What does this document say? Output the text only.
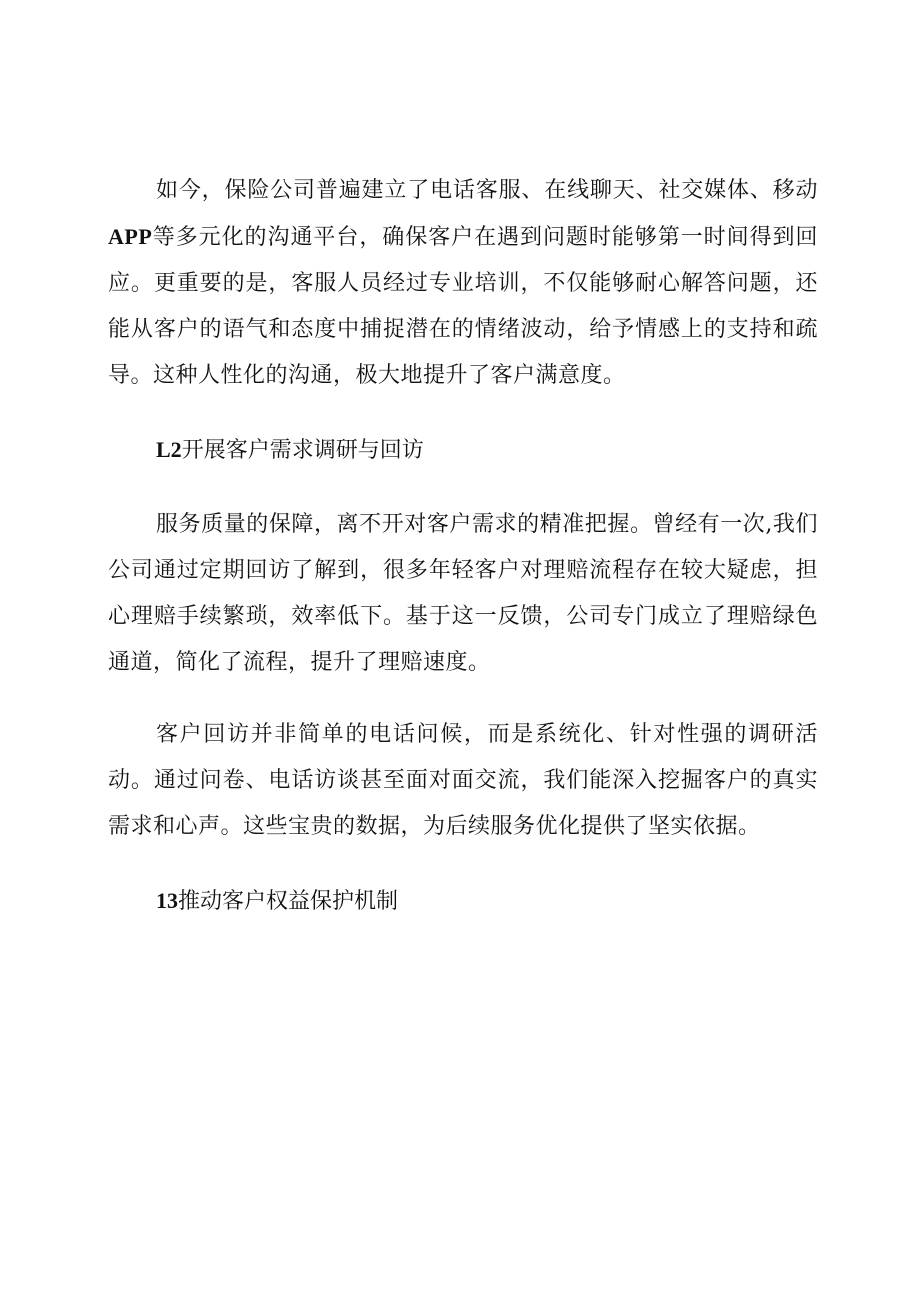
如今，保险公司普遍建立了电话客服、在线聊天、社交媒体、移动APP等多元化的沟通平台，确保客户在遇到问题时能够第一时间得到回应。更重要的是，客服人员经过专业培训，不仅能够耐心解答问题，还能从客户的语气和态度中捕捉潜在的情绪波动，给予情感上的支持和疏导。这种人性化的沟通，极大地提升了客户满意度。

L2开展客户需求调研与回访

服务质量的保障，离不开对客户需求的精准把握。曾经有一次,我们公司通过定期回访了解到，很多年轻客户对理赔流程存在较大疑虑，担心理赔手续繁琐，效率低下。基于这一反馈，公司专门成立了理赔绿色通道，简化了流程，提升了理赔速度。

客户回访并非简单的电话问候，而是系统化、针对性强的调研活动。通过问卷、电话访谈甚至面对面交流，我们能深入挖掘客户的真实需求和心声。这些宝贵的数据，为后续服务优化提供了坚实依据。

13推动客户权益保护机制
